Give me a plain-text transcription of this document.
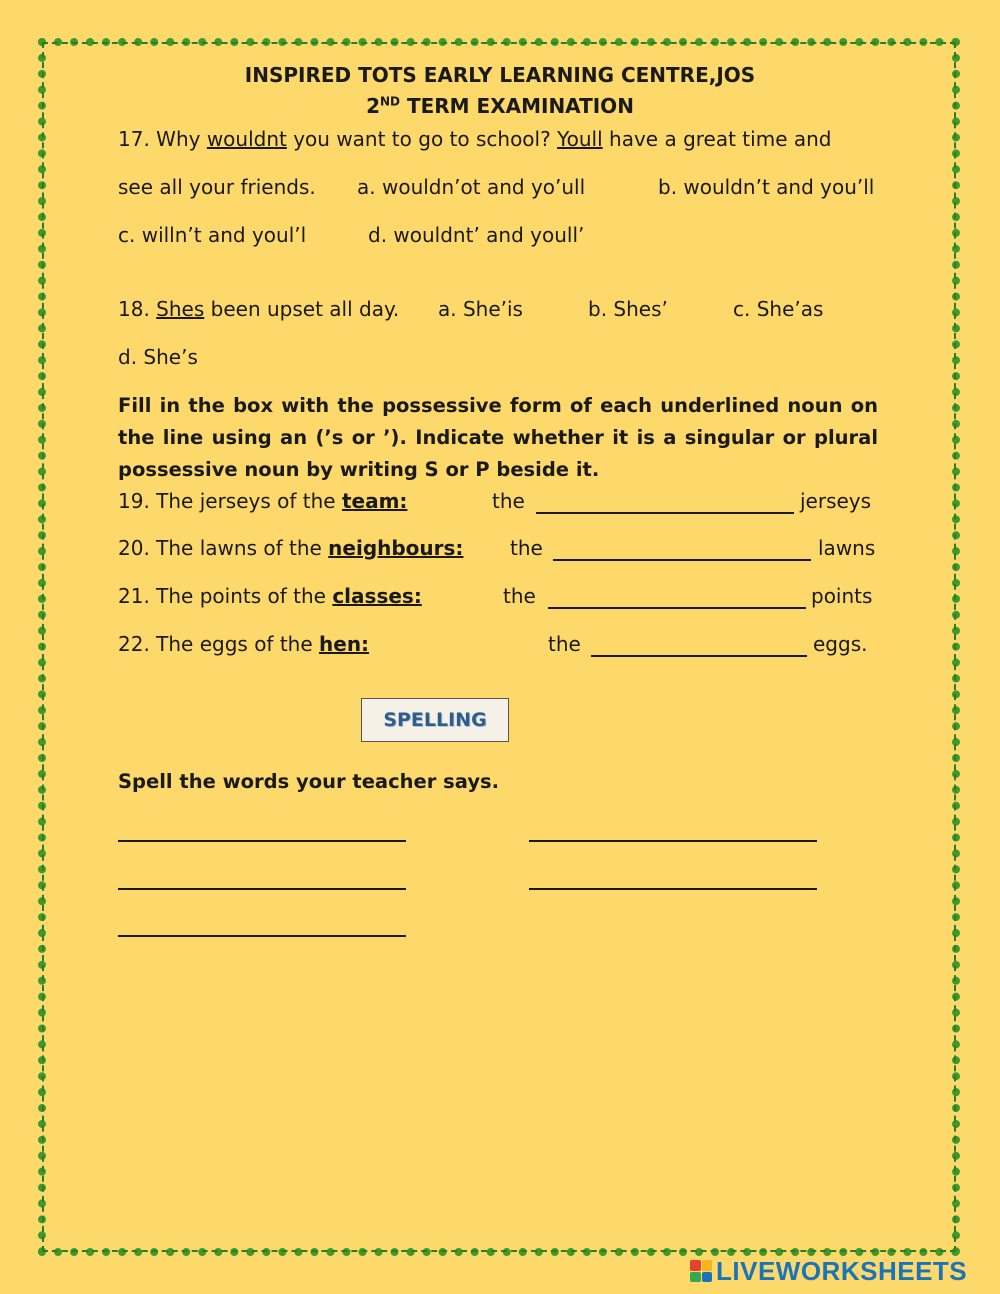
INSPIRED TOTS EARLY LEARNING CENTRE,JOS
2ND TERM EXAMINATION
17. Why wouldnt you want to go to school? Youll have a great time and
see all your friends. a. wouldn’ot and yo’ull	b. wouldn’t and you’ll
c. willn’t and youl’l	d. wouldnt’ and youll’
18. Shes been upset all day. a. She’is	b. Shes’	c. She’as
d. She’s
Fill in the box with the possessive form of each underlined noun on the line using an (’s or ’). Indicate whether it is a singular or plural possessive noun by writing S or P beside it.
19. The jerseys of the team:	the	jerseys
20. The lawns of the neighbours: the	lawns
21. The points of the classes:	the	points
22. The eggs of the hen:	the	eggs.
SPELLING
Spell the words your teacher says.
LIVEWORKSHEETS
